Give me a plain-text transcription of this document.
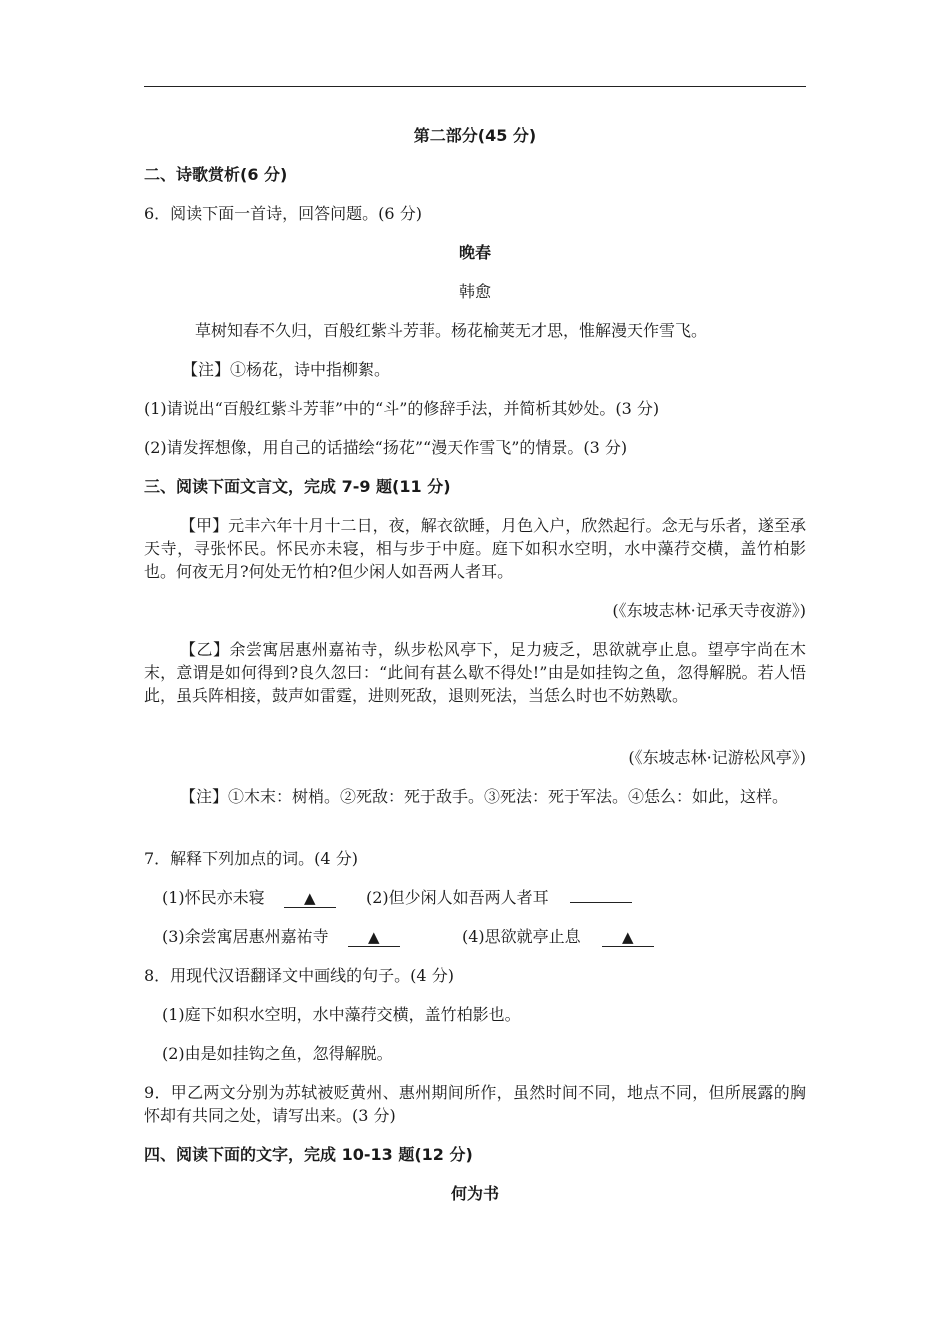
第二部分(45 分)
二、诗歌赏析(6 分)
6．阅读下面一首诗，回答问题。(6 分)
晚春
韩愈
草树知春不久归，百般红紫斗芳菲。杨花榆荚无才思，惟解漫天作雪飞。
【注】①杨花，诗中指柳絮。
(1)请说出“百般红紫斗芳菲”中的“斗”的修辞手法，并简析其妙处。(3 分)
(2)请发挥想像，用自己的话描绘“扬花”“漫天作雪飞”的情景。(3 分)
三、阅读下面文言文，完成 7-9 题(11 分)
【甲】元丰六年十月十二日，夜，解衣欲睡，月色入户，欣然起行。念无与乐者，遂至承天寺，寻张怀民。怀民亦未寝，相与步于中庭。庭下如积水空明，水中藻荇交横，盖竹柏影也。何夜无月?何处无竹柏?但少闲人如吾两人者耳。
(《东坡志林·记承天寺夜游》)
【乙】余尝寓居惠州嘉祐寺，纵步松风亭下，足力疲乏，思欲就亭止息。望亭宇尚在木末，意谓是如何得到?良久忽曰：“此间有甚么歇不得处!”由是如挂钩之鱼，忽得解脱。若人悟此，虽兵阵相接，鼓声如雷霆，进则死敌，退则死法，当恁么时也不妨熟歇。
(《东坡志林·记游松风亭》)
【注】①木末：树梢。②死敌：死于敌手。③死法：死于军法。④恁么：如此，这样。
7．解释下列加点的词。(4 分)
(1)怀民亦未寝	▲	(2)但少闲人如吾两人者耳
(3)余尝寓居惠州嘉祐寺	▲	(4)思欲就亭止息	▲
8．用现代汉语翻译文中画线的句子。(4 分)
(1)庭下如积水空明，水中藻荇交横，盖竹柏影也。
(2)由是如挂钩之鱼，忽得解脱。
9．甲乙两文分别为苏轼被贬黄州、惠州期间所作，虽然时间不同，地点不同，但所展露的胸怀却有共同之处，请写出来。(3 分)
四、阅读下面的文字，完成 10-13 题(12 分)
何为书
